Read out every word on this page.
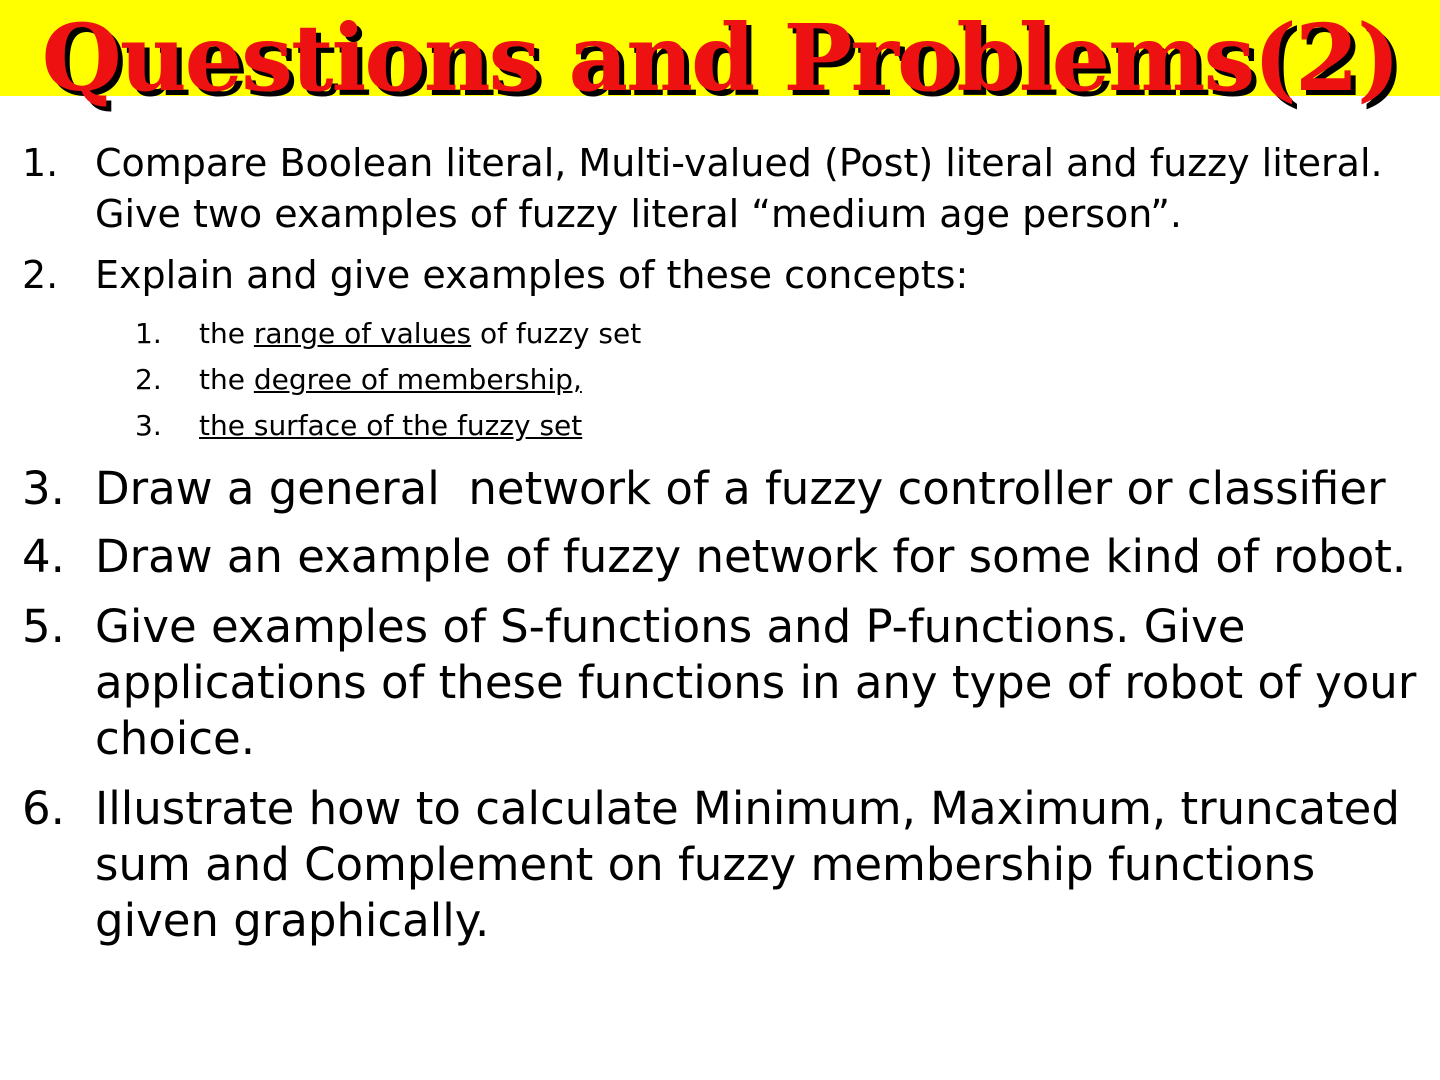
Questions and Problems(2)
1. Compare Boolean literal, Multi-valued (Post) literal and fuzzy literal. Give two examples of fuzzy literal “medium age person”.
2. Explain and give examples of these concepts:
1. the range of values of fuzzy set
2. the degree of membership,
3. the surface of the fuzzy set
3. Draw a general  network of a fuzzy controller or classifier
4. Draw an example of fuzzy network for some kind of robot.
5. Give examples of S-functions and P-functions. Give applications of these functions in any type of robot of your choice.
6. Illustrate how to calculate Minimum, Maximum, truncated sum and Complement on fuzzy membership functions given graphically.
